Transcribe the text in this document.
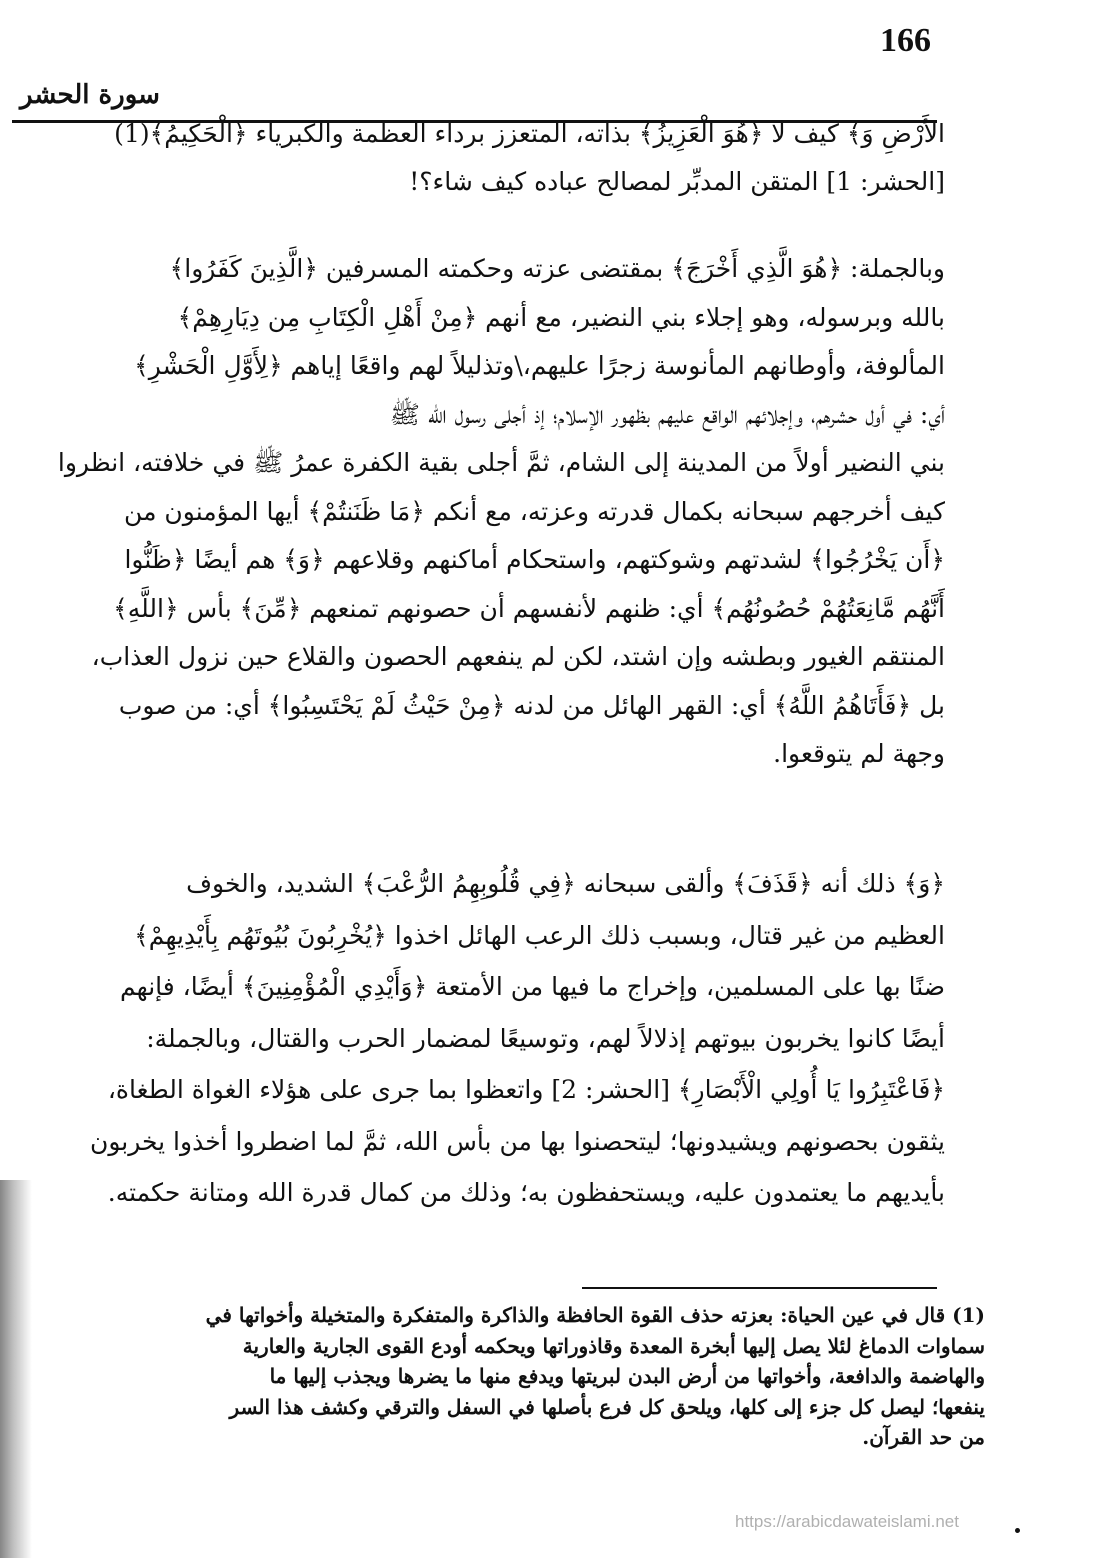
166
سورة الحشر
الأَرْضِ وَ﴾ كيف لا ﴿هُوَ الْعَزِيزُ﴾ بذاته، المتعزز برداء العظمة والكبرياء ﴿الْحَكِيمُ﴾(1)
[الحشر: 1] المتقن المدبِّر لمصالح عباده كيف شاء؟!
وبالجملة: ﴿هُوَ الَّذِي أَخْرَجَ﴾ بمقتضى عزته وحكمته المسرفين ﴿الَّذِينَ كَفَرُوا﴾
بالله وبرسوله، وهو إجلاء بني النضير، مع أنهم ﴿مِنْ أَهْلِ الْكِتَابِ مِن دِيَارِهِمْ﴾
المألوفة، وأوطانهم المأنوسة زجرًا عليهم،\وتذليلاً لهم واقعًا إياهم ﴿لِأَوَّلِ الْحَشْرِ﴾
أي: في أول حشرهم، وإجلائهم الواقع عليهم بظهور الإسلام؛ إذ أجلى رسول الله ﷺ
بني النضير أولاً من المدينة إلى الشام، ثمَّ أجلى بقية الكفرة عمرُ ﷺ في خلافته، انظروا
كيف أخرجهم سبحانه بكمال قدرته وعزته، مع أنكم ﴿مَا ظَنَنتُمْ﴾ أيها المؤمنون من
﴿أَن يَخْرُجُوا﴾ لشدتهم وشوكتهم، واستحكام أماكنهم وقلاعهم ﴿وَ﴾ هم أيضًا ﴿ظَنُّوا
أَنَّهُم مَّانِعَتُهُمْ حُصُونُهُم﴾ أي: ظنهم لأنفسهم أن حصونهم تمنعهم ﴿مِّنَ﴾ بأس ﴿اللَّهِ﴾
المنتقم الغيور وبطشه وإن اشتد، لكن لم ينفعهم الحصون والقلاع حين نزول العذاب،
بل ﴿فَأَتَاهُمُ اللَّهُ﴾ أي: القهر الهائل من لدنه ﴿مِنْ حَيْثُ لَمْ يَحْتَسِبُوا﴾ أي: من صوب
وجهة لم يتوقعوا.
﴿وَ﴾ ذلك أنه ﴿قَذَفَ﴾ وألقى سبحانه ﴿فِي قُلُوبِهِمُ الرُّعْبَ﴾ الشديد، والخوف
العظيم من غير قتال، وبسبب ذلك الرعب الهائل اخذوا ﴿يُخْرِبُونَ بُيُوتَهُم بِأَيْدِيهِمْ﴾
ضنًا بها على المسلمين، وإخراج ما فيها من الأمتعة ﴿وَأَيْدِي الْمُؤْمِنِينَ﴾ أيضًا، فإنهم
أيضًا كانوا يخربون بيوتهم إذلالاً لهم، وتوسيعًا لمضمار الحرب والقتال، وبالجملة:
﴿فَاعْتَبِرُوا يَا أُولِي الْأَبْصَارِ﴾ [الحشر: 2] واتعظوا بما جرى على هؤلاء الغواة الطغاة،
يثقون بحصونهم ويشيدونها؛ ليتحصنوا بها من بأس الله، ثمَّ لما اضطروا أخذوا يخربون
بأيديهم ما يعتمدون عليه، ويستحفظون به؛ وذلك من كمال قدرة الله ومتانة حكمته.
(1) قال في عين الحياة: بعزته حذف القوة الحافظة والذاكرة والمتفكرة والمتخيلة وأخواتها في
سماوات الدماغ لئلا يصل إليها أبخرة المعدة وقاذوراتها ويحكمه أودع القوى الجارية والعارية
والهاضمة والدافعة، وأخواتها من أرض البدن لبريتها ويدفع منها ما يضرها ويجذب إليها ما
ينفعها؛ ليصل كل جزء إلى كلها، ويلحق كل فرع بأصلها في السفل والترقي وكشف هذا السر
من حد القرآن.
https://arabicdawateislami.net
